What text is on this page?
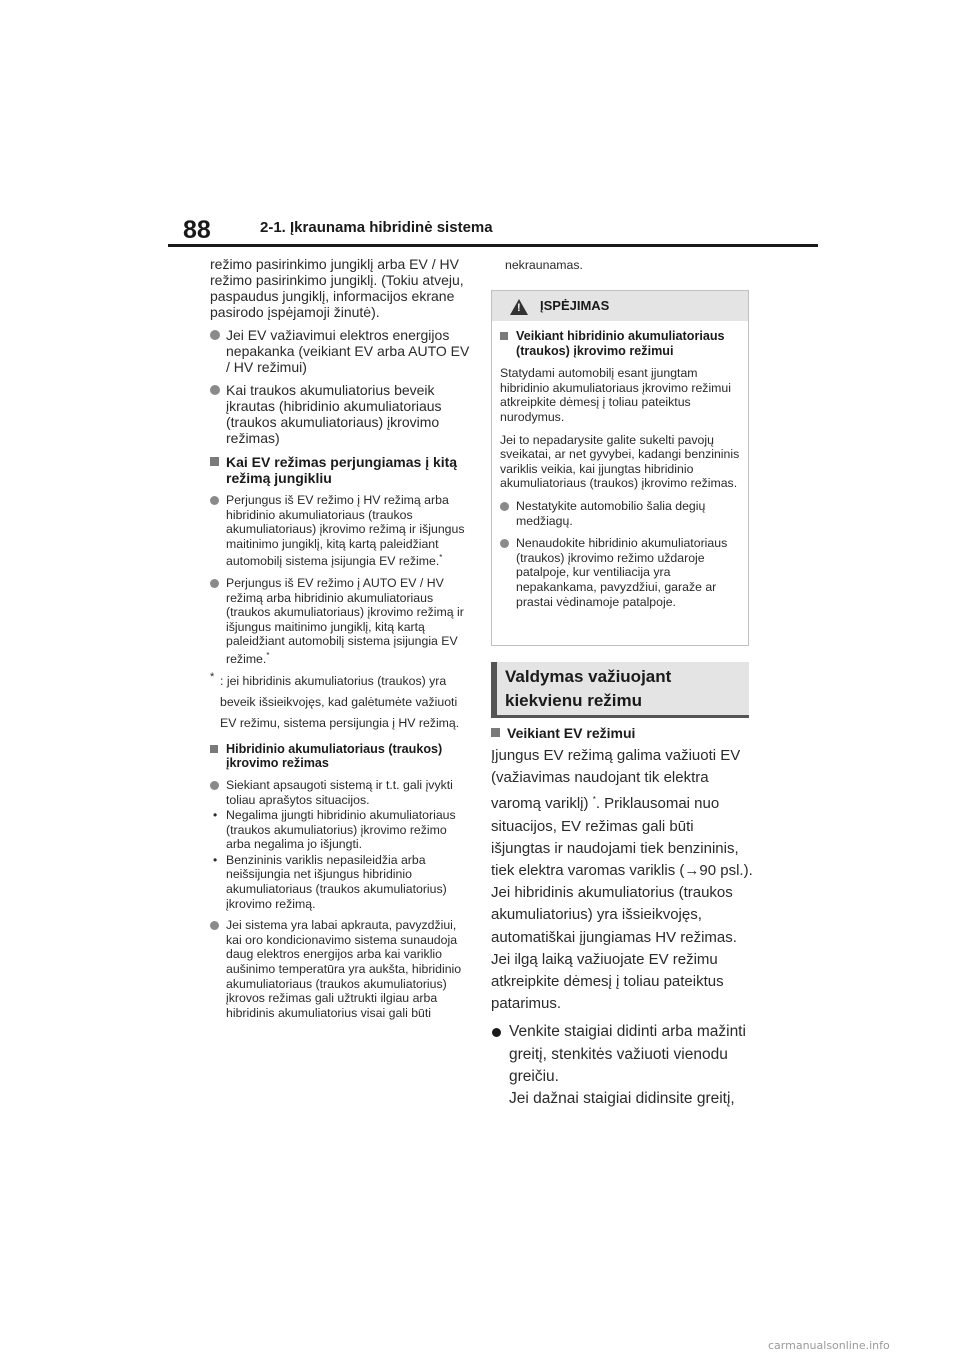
88	2-1. Įkraunama hibridinė sistema

režimo pasirinkimo jungiklį arba EV / HV režimo pasirinkimo jungiklį. (Tokiu atveju, paspaudus jungiklį, informacijos ekrane pasirodo įspėjamoji žinutė).

Jei EV važiavimui elektros energijos nepakanka (veikiant EV arba AUTO EV / HV režimui)
Kai traukos akumuliatorius beveik įkrautas (hibridinio akumuliatoriaus (traukos akumuliatoriaus) įkrovimo režimas)
Kai EV režimas perjungiamas į kitą režimą jungikliu
Perjungus iš EV režimo į HV režimą arba hibridinio akumuliatoriaus (traukos akumuliatoriaus) įkrovimo režimą ir išjungus maitinimo jungiklį, kitą kartą paleidžiant automobilį sistema įsijungia EV režime.*
Perjungus iš EV režimo į AUTO EV / HV režimą arba hibridinio akumuliatoriaus (traukos akumuliatoriaus) įkrovimo režimą ir išjungus maitinimo jungiklį, kitą kartą paleidžiant automobilį sistema įsijungia EV režime.*
* : jei hibridinis akumuliatorius (traukos) yra beveik išsieikvojęs, kad galėtumėte važiuoti EV režimu, sistema persijungia į HV režimą.
Hibridinio akumuliatoriaus (traukos) įkrovimo režimas
Siekiant apsaugoti sistemą ir t.t. gali įvykti toliau aprašytos situacijos.
• Negalima įjungti hibridinio akumuliatoriaus (traukos akumuliatorius) įkrovimo režimo arba negalima jo išjungti.
• Benzininis variklis nepasileidžia arba neišsijungia net išjungus hibridinio akumuliatoriaus (traukos akumuliatorius) įkrovimo režimą.
Jei sistema yra labai apkrauta, pavyzdžiui, kai oro kondicionavimo sistema sunaudoja daug elektros energijos arba kai variklio aušinimo temperatūra yra aukšta, hibridinio akumuliatoriaus (traukos akumuliatorius) įkrovos režimas gali užtrukti ilgiau arba hibridinis akumuliatorius visai gali būti
nekraunamas.
!
ĮSPĖJIMAS
Veikiant hibridinio akumuliatoriaus (traukos) įkrovimo režimui

Statydami automobilį esant įjungtam hibridinio akumuliatoriaus įkrovimo režimui atkreipkite dėmesį į toliau pateiktus nurodymus.

Jei to nepadarysite galite sukelti pavojų sveikatai, ar net gyvybei, kadangi benzininis variklis veikia, kai įjungtas hibridinio akumuliatoriaus (traukos) įkrovimo režimas.

Nestatykite automobilio šalia degių medžiagų.
Nenaudokite hibridinio akumuliatoriaus (traukos) įkrovimo režimo uždaroje patalpoje, kur ventiliacija yra nepakankama, pavyzdžiui, garaže ar prastai vėdinamoje patalpoje.
Valdymas važiuojant kiekvienu režimu
Veikiant EV režimui

Įjungus EV režimą galima važiuoti EV (važiavimas naudojant tik elektra varomą variklį) *. Priklausomai nuo situacijos, EV režimas gali būti išjungtas ir naudojami tiek benzininis, tiek elektra varomas variklis (→90 psl.). Jei hibridinis akumuliatorius (traukos akumuliatorius) yra išsieikvojęs, automatiškai įjungiamas HV režimas. Jei ilgą laiką važiuojate EV režimu atkreipkite dėmesį į toliau pateiktus patarimus.

Venkite staigiai didinti arba mažinti greitį, stenkitės važiuoti vienodu greičiu.
Jei dažnai staigiai didinsite greitį,
carmanualsonline.info
